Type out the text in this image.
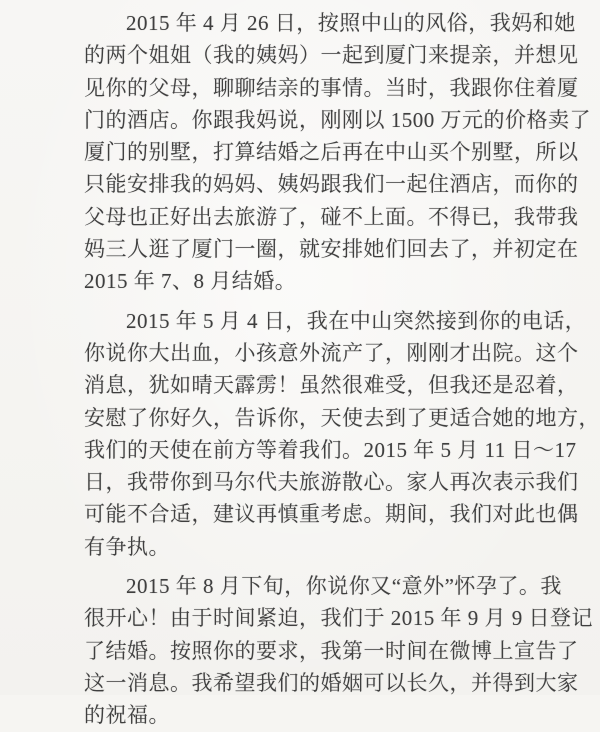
2015 年 4 月 26 日，按照中山的风俗，我妈和她
的两个姐姐（我的姨妈）一起到厦门来提亲，并想见
见你的父母，聊聊结亲的事情。当时，我跟你住着厦
门的酒店。你跟我妈说，刚刚以 1500 万元的价格卖了
厦门的别墅，打算结婚之后再在中山买个别墅，所以
只能安排我的妈妈、姨妈跟我们一起住酒店，而你的
父母也正好出去旅游了，碰不上面。不得已，我带我
妈三人逛了厦门一圈，就安排她们回去了，并初定在
2015 年 7、8 月结婚。
2015 年 5 月 4 日，我在中山突然接到你的电话，
你说你大出血，小孩意外流产了，刚刚才出院。这个
消息，犹如晴天霹雳！虽然很难受，但我还是忍着，
安慰了你好久，告诉你，天使去到了更适合她的地方，
我们的天使在前方等着我们。2015 年 5 月 11 日～17
日，我带你到马尔代夫旅游散心。家人再次表示我们
可能不合适，建议再慎重考虑。期间，我们对此也偶
有争执。
2015 年 8 月下旬，你说你又“意外”怀孕了。我
很开心！由于时间紧迫，我们于 2015 年 9 月 9 日登记
了结婚。按照你的要求，我第一时间在微博上宣告了
这一消息。我希望我们的婚姻可以长久，并得到大家
的祝福。
